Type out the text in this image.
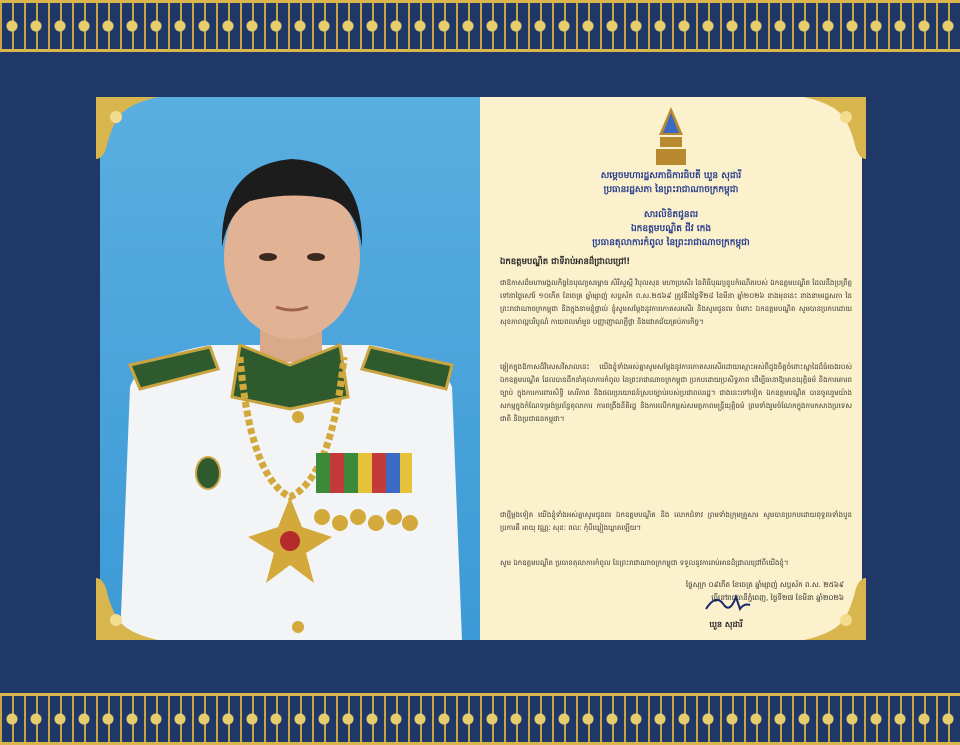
សម្ដេចមហារដ្ឋសភាធិការធិបតី ឃួន សុដារី
ប្រធានរដ្ឋសភា នៃព្រះរាជាណាចក្រកម្ពុជា
សារលិខិតជូនពរ
ឯកឧត្ដមបណ្ឌិត ជីវ កេង
ប្រធានតុលាការកំពូល នៃព្រះរាជាណាចក្រកម្ពុជា
ឯកឧត្ដមបណ្ឌិត ជាទីរាប់អានដ៏ជ្រាលជ្រៅ!
ជាឱកាសដ៏មហាមង្គលកិច្ចនៃបុណ្យសម្ពោធ សិរីសួស្ដី វិបុលសុខ មហាប្រសើរ នៃពិធីបុណ្យខួបកំណើតរបស់ ឯកឧត្ដមបណ្ឌិត ដែលនឹងប្រព្រឹត្តទៅនាថ្ងៃសៅរ៍ ១០កើត ខែចេត្រ ឆ្នាំម្សាញ់ សប្តស័ក ព.ស.២៥៦៩ ត្រូវនឹងថ្ងៃទី២៨ ខែមីនា ឆ្នាំ២០២៦ ខាងមុខនេះ ខាងនាមរដ្ឋសភា នៃព្រះរាជាណាចក្រកម្ពុជា និងក្នុងនាមខ្ញុំផ្ទាល់ ខ្ញុំសូមសម្ដែងនូវការកោតសរសើរ និងសូមជូនពរ ចំពោះ ឯកឧត្ដមបណ្ឌិត សូមបានប្រកបដោយសុខភាពល្អបរិបូណ៌ កាយពលមាំមួន បញ្ញាញាណភ្លឺថ្លា និងជោគជ័យគ្រប់ភារកិច្ច។
ឆ្លៀតក្នុងឱកាសដ៏វិសេសវិសាលនេះ យើងខ្ញុំទាំងអស់គ្នាសូមសម្ដែងនូវការកោតសរសើរដោយស្មោះអស់ពីដួងចិត្តចំពោះស្នាដៃដ៏ធំធេងរបស់ ឯកឧត្ដមបណ្ឌិត ដែលបានដឹកនាំតុលាការកំពូល នៃព្រះរាជាណាចក្រកម្ពុជា ប្រកបដោយប្រសិទ្ធភាព ដើម្បីធានាឱ្យមានយុត្តិធម៌ និងការគោរពច្បាប់ ក្នុងការការពារសិទ្ធិ សេរីភាព និងផលប្រយោជន៍ស្របច្បាប់របស់ប្រជាពលរដ្ឋ។ ជាងនេះទៅទៀត ឯកឧត្ដមបណ្ឌិត បានចូលរួមយ៉ាងសកម្មក្នុងកំណែទម្រង់ប្រព័ន្ធតុលាការ ការពង្រឹងនីតិរដ្ឋ និងការលើកកម្ពស់សមត្ថភាពមន្ត្រីយុត្តិធម៌ ព្រមទាំងរួមចំណែកក្នុងការកសាងប្រទេសជាតិ និងប្រជាជនកម្ពុជា។
ជាថ្មីម្ដងទៀត យើងខ្ញុំទាំងអស់គ្នាសូមជូនពរ ឯកឧត្ដមបណ្ឌិត និង លោកជំទាវ ព្រមទាំងក្រុមគ្រួសារ សូមបានប្រកបដោយពុទ្ធពរទាំងបួនប្រការគឺ អាយុ វណ្ណៈ សុខៈ ពលៈ កុំបីឃ្លៀងឃ្លាតឡើយ។
សូម ឯកឧត្ដមបណ្ឌិត ប្រធានតុលាការកំពូល នៃព្រះរាជាណាចក្រកម្ពុជា ទទួលនូវការរាប់អានដ៏ជ្រាលជ្រៅពីយើងខ្ញុំ។
ថ្ងៃសុក្រ ០៩កើត ខែចេត្រ ឆ្នាំម្សាញ់ សប្តស័ក ព.ស. ២៥៦៩
ធ្វើនៅរាជធានីភ្នំពេញ, ថ្ងៃទី២៧ ខែមីនា ឆ្នាំ២០២៦
ឃួន សុដារី
